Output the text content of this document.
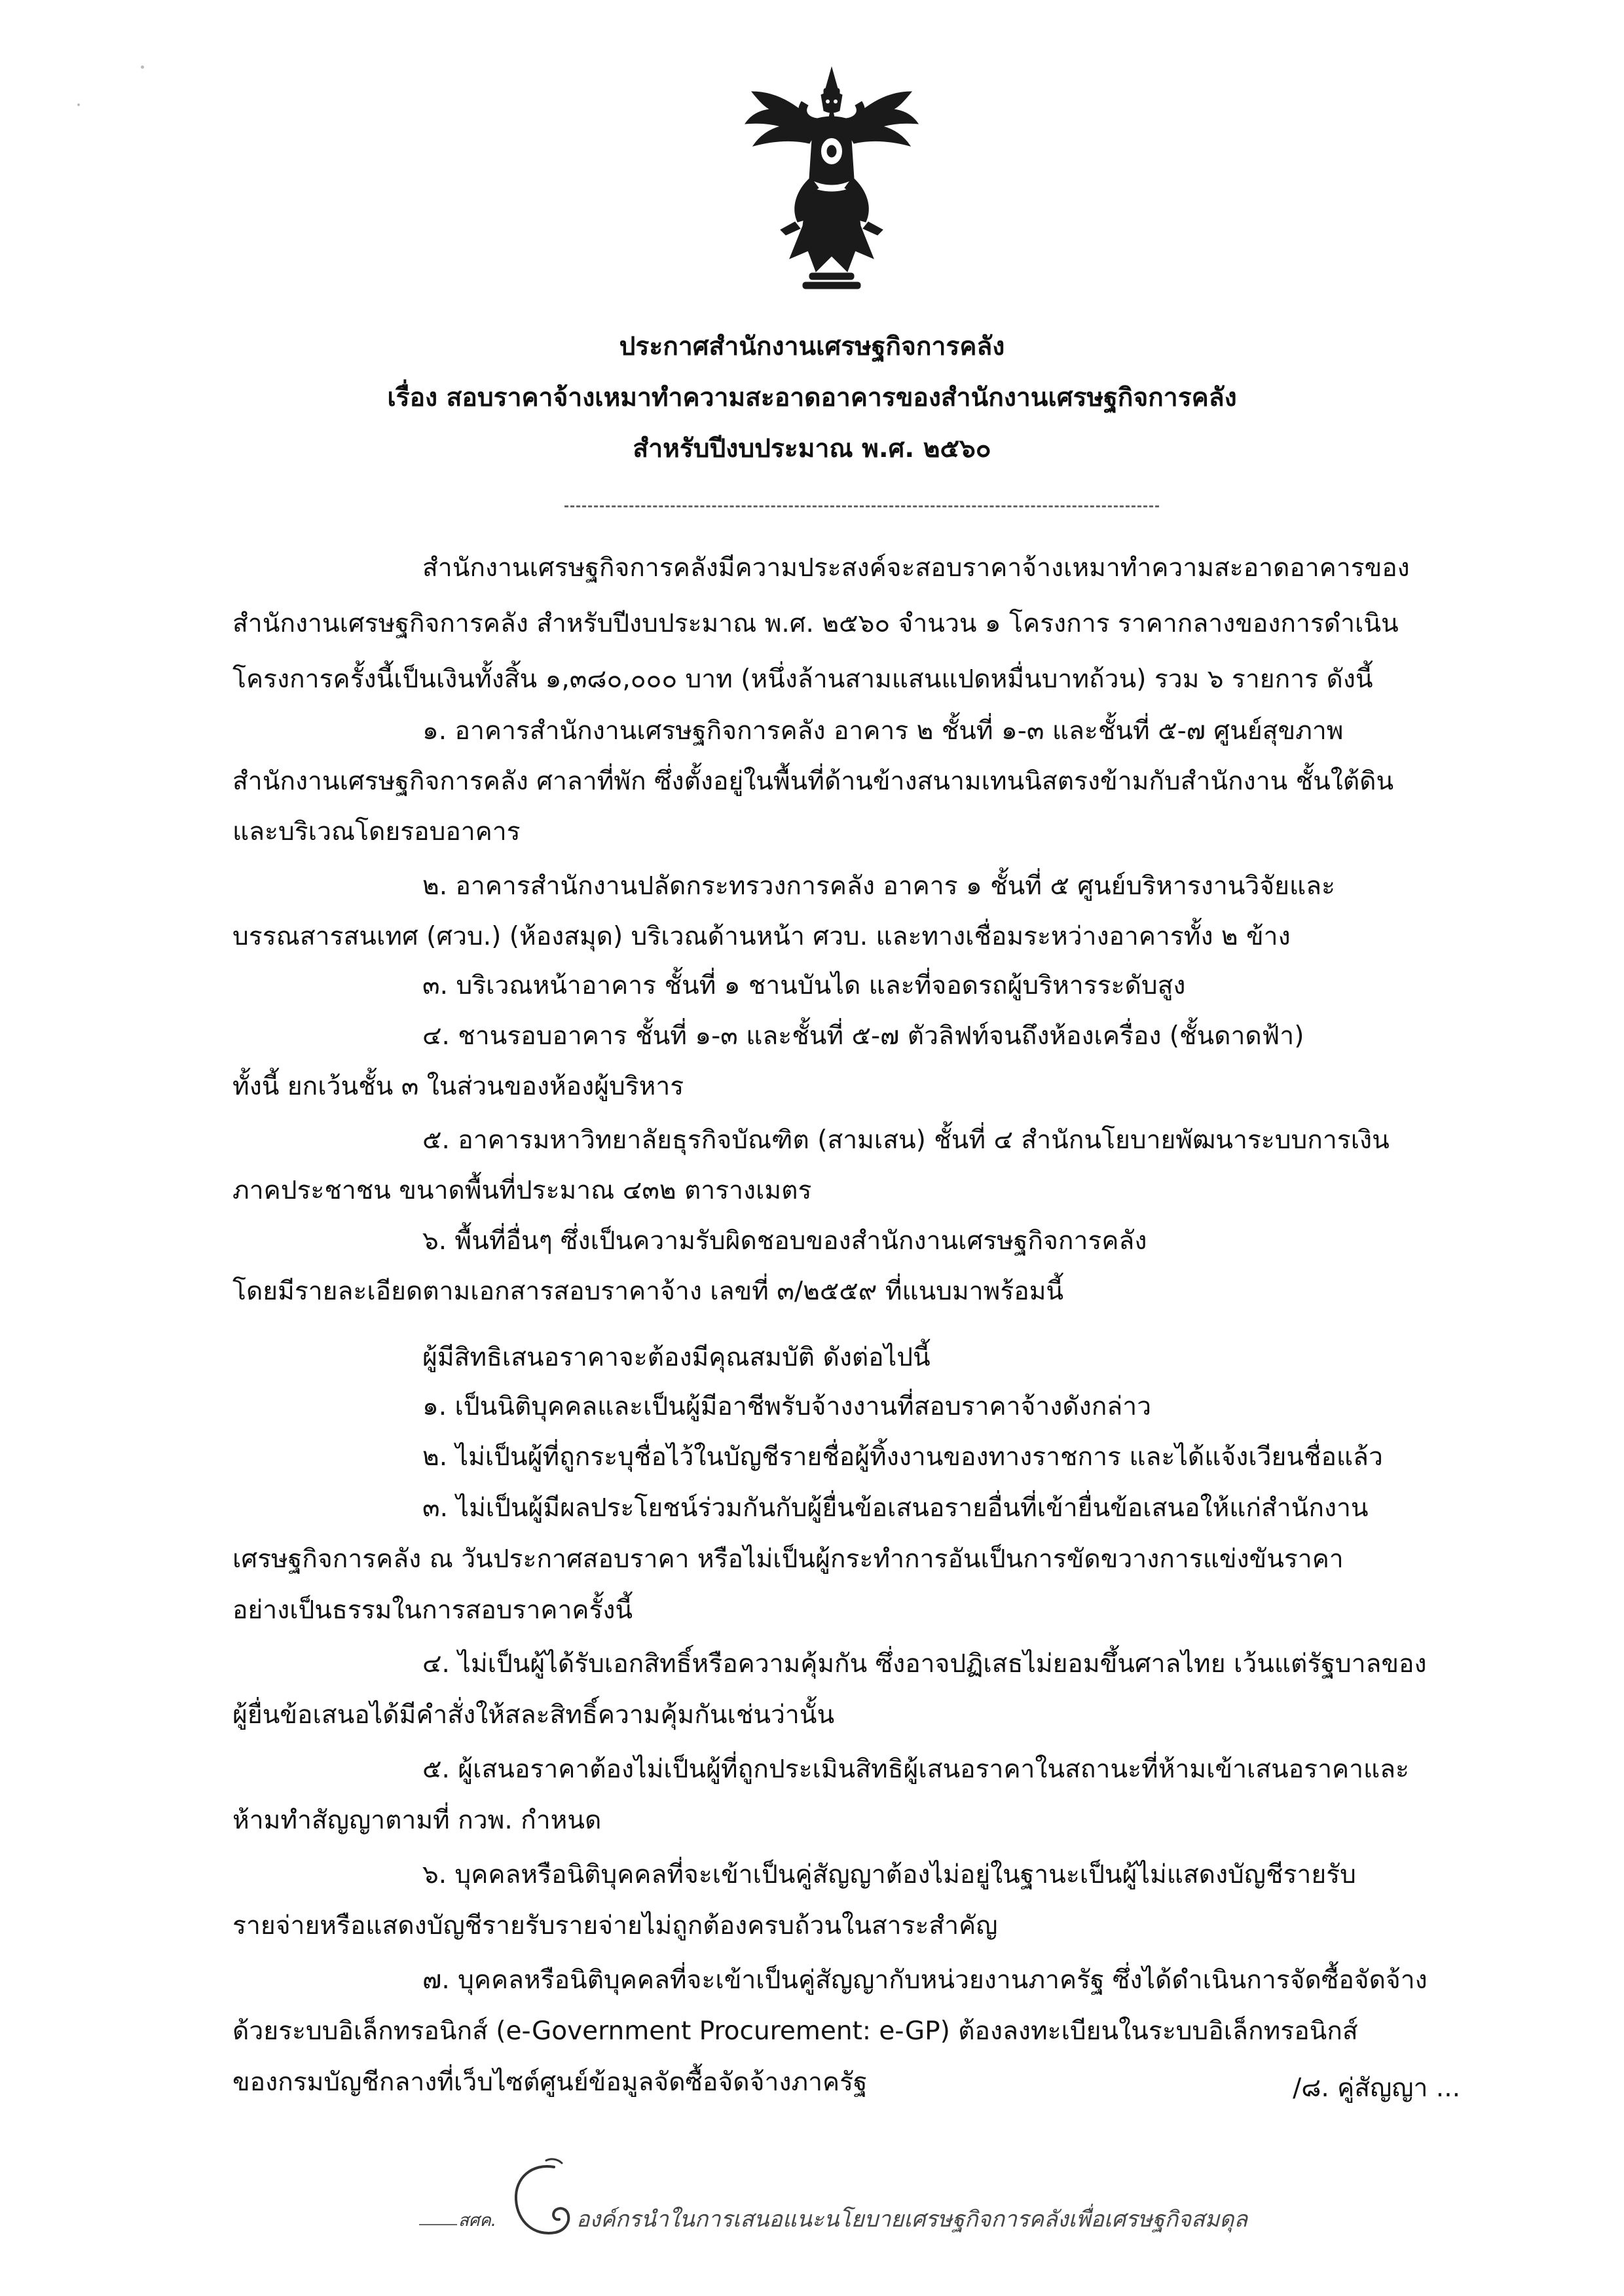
ประกาศสำนักงานเศรษฐกิจการคลัง
เรื่อง สอบราคาจ้างเหมาทำความสะอาดอาคารของสำนักงานเศรษฐกิจการคลัง
สำหรับปีงบประมาณ พ.ศ. ๒๕๖๐
สำนักงานเศรษฐกิจการคลังมีความประสงค์จะสอบราคาจ้างเหมาทำความสะอาดอาคารของ
สำนักงานเศรษฐกิจการคลัง สำหรับปีงบประมาณ พ.ศ. ๒๕๖๐ จำนวน ๑ โครงการ ราคากลางของการดำเนิน
โครงการครั้งนี้เป็นเงินทั้งสิ้น ๑,๓๘๐,๐๐๐ บาท (หนึ่งล้านสามแสนแปดหมื่นบาทถ้วน) รวม ๖ รายการ ดังนี้
๑. อาคารสำนักงานเศรษฐกิจการคลัง อาคาร ๒ ชั้นที่ ๑-๓ และชั้นที่ ๕-๗ ศูนย์สุขภาพ
สำนักงานเศรษฐกิจการคลัง ศาลาที่พัก ซึ่งตั้งอยู่ในพื้นที่ด้านข้างสนามเทนนิสตรงข้ามกับสำนักงาน ชั้นใต้ดิน
และบริเวณโดยรอบอาคาร
๒. อาคารสำนักงานปลัดกระทรวงการคลัง อาคาร ๑ ชั้นที่ ๕ ศูนย์บริหารงานวิจัยและ
บรรณสารสนเทศ (ศวบ.) (ห้องสมุด) บริเวณด้านหน้า ศวบ. และทางเชื่อมระหว่างอาคารทั้ง ๒ ข้าง
๓. บริเวณหน้าอาคาร ชั้นที่ ๑ ชานบันได และที่จอดรถผู้บริหารระดับสูง
๔. ชานรอบอาคาร ชั้นที่ ๑-๓ และชั้นที่ ๕-๗ ตัวลิฟท์จนถึงห้องเครื่อง (ชั้นดาดฟ้า)
ทั้งนี้ ยกเว้นชั้น ๓ ในส่วนของห้องผู้บริหาร
๕. อาคารมหาวิทยาลัยธุรกิจบัณฑิต (สามเสน) ชั้นที่ ๔ สำนักนโยบายพัฒนาระบบการเงิน
ภาคประชาชน ขนาดพื้นที่ประมาณ ๔๓๒ ตารางเมตร
๖. พื้นที่อื่นๆ ซึ่งเป็นความรับผิดชอบของสำนักงานเศรษฐกิจการคลัง
โดยมีรายละเอียดตามเอกสารสอบราคาจ้าง เลขที่ ๓/๒๕๕๙ ที่แนบมาพร้อมนี้
ผู้มีสิทธิเสนอราคาจะต้องมีคุณสมบัติ ดังต่อไปนี้
๑. เป็นนิติบุคคลและเป็นผู้มีอาชีพรับจ้างงานที่สอบราคาจ้างดังกล่าว
๒. ไม่เป็นผู้ที่ถูกระบุชื่อไว้ในบัญชีรายชื่อผู้ทิ้งงานของทางราชการ และได้แจ้งเวียนชื่อแล้ว
๓. ไม่เป็นผู้มีผลประโยชน์ร่วมกันกับผู้ยื่นข้อเสนอรายอื่นที่เข้ายื่นข้อเสนอให้แก่สำนักงาน
เศรษฐกิจการคลัง ณ วันประกาศสอบราคา หรือไม่เป็นผู้กระทำการอันเป็นการขัดขวางการแข่งขันราคา
อย่างเป็นธรรมในการสอบราคาครั้งนี้
๔. ไม่เป็นผู้ได้รับเอกสิทธิ์หรือความคุ้มกัน ซึ่งอาจปฏิเสธไม่ยอมขึ้นศาลไทย เว้นแต่รัฐบาลของ
ผู้ยื่นข้อเสนอได้มีคำสั่งให้สละสิทธิ์ความคุ้มกันเช่นว่านั้น
๕. ผู้เสนอราคาต้องไม่เป็นผู้ที่ถูกประเมินสิทธิผู้เสนอราคาในสถานะที่ห้ามเข้าเสนอราคาและ
ห้ามทำสัญญาตามที่ กวพ. กำหนด
๖. บุคคลหรือนิติบุคคลที่จะเข้าเป็นคู่สัญญาต้องไม่อยู่ในฐานะเป็นผู้ไม่แสดงบัญชีรายรับ
รายจ่ายหรือแสดงบัญชีรายรับรายจ่ายไม่ถูกต้องครบถ้วนในสาระสำคัญ
๗. บุคคลหรือนิติบุคคลที่จะเข้าเป็นคู่สัญญากับหน่วยงานภาครัฐ ซึ่งได้ดำเนินการจัดซื้อจัดจ้าง
ด้วยระบบอิเล็กทรอนิกส์ (e-Government Procurement: e-GP) ต้องลงทะเบียนในระบบอิเล็กทรอนิกส์
ของกรมบัญชีกลางที่เว็บไซต์ศูนย์ข้อมูลจัดซื้อจัดจ้างภาครัฐ	/๘. คู่สัญญา ...
สศค.	องค์กรนำในการเสนอแนะนโยบายเศรษฐกิจการคลังเพื่อเศรษฐกิจสมดุล
